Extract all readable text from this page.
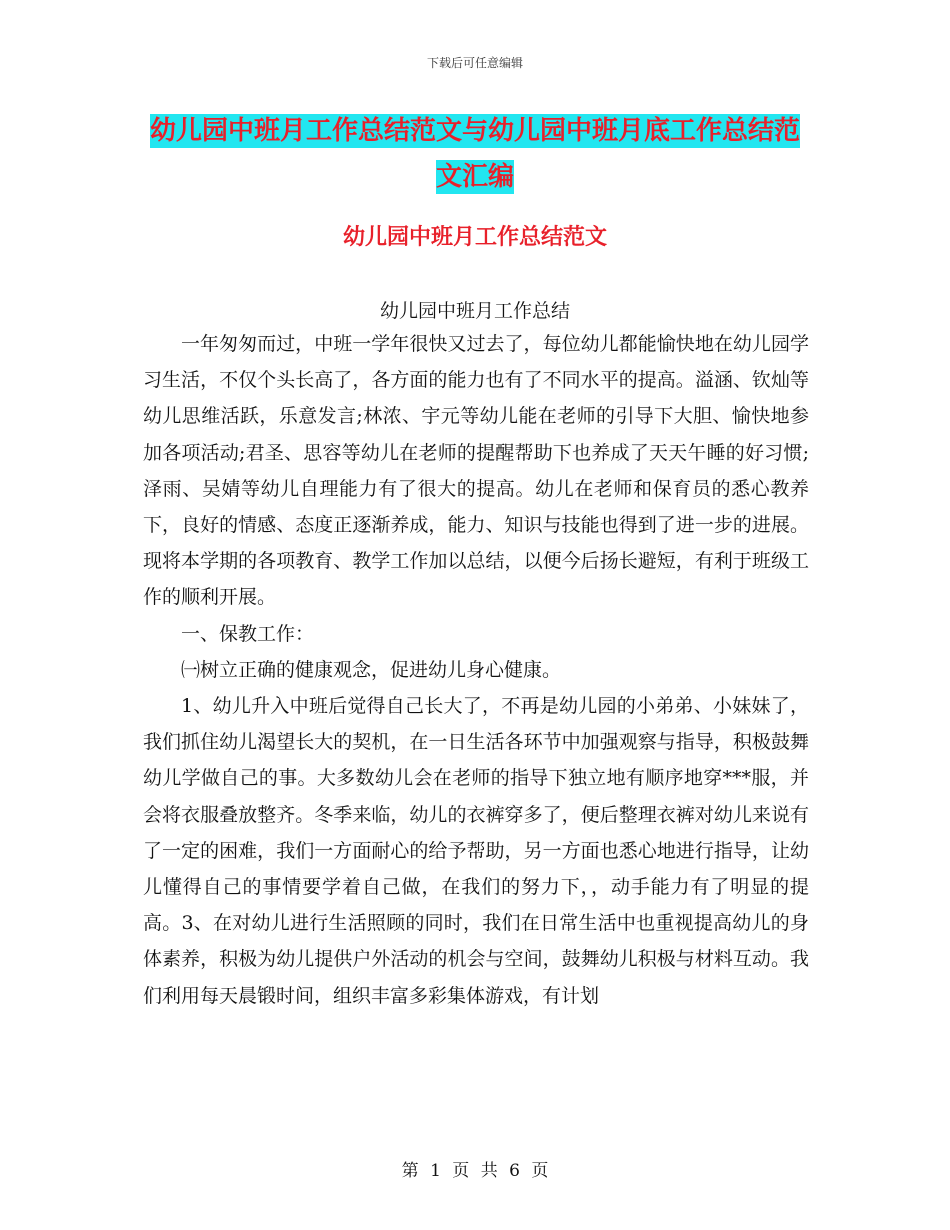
下载后可任意编辑
幼儿园中班月工作总结范文与幼儿园中班月底工作总结范文汇编
幼儿园中班月工作总结范文
幼儿园中班月工作总结

一年匆匆而过，中班一学年很快又过去了，每位幼儿都能愉快地在幼儿园学习生活，不仅个头长高了，各方面的能力也有了不同水平的提高。溢涵、钦灿等幼儿思维活跃，乐意发言;林浓、宇元等幼儿能在老师的引导下大胆、愉快地参加各项活动;君圣、思容等幼儿在老师的提醒帮助下也养成了天天午睡的好习惯;泽雨、吴婧等幼儿自理能力有了很大的提高。幼儿在老师和保育员的悉心教养下，良好的情感、态度正逐渐养成，能力、知识与技能也得到了进一步的进展。现将本学期的各项教育、教学工作加以总结，以便今后扬长避短，有利于班级工作的顺利开展。

一、保教工作：

㈠树立正确的健康观念，促进幼儿身心健康。

1、幼儿升入中班后觉得自己长大了，不再是幼儿园的小弟弟、小妹妹了，我们抓住幼儿渴望长大的契机，在一日生活各环节中加强观察与指导，积极鼓舞幼儿学做自己的事。大多数幼儿会在老师的指导下独立地有顺序地穿***服，并会将衣服叠放整齐。冬季来临，幼儿的衣裤穿多了，便后整理衣裤对幼儿来说有了一定的困难，我们一方面耐心的给予帮助，另一方面也悉心地进行指导，让幼儿懂得自己的事情要学着自己做，在我们的努力下，，动手能力有了明显的提高。3、在对幼儿进行生活照顾的同时，我们在日常生活中也重视提高幼儿的身体素养，积极为幼儿提供户外活动的机会与空间，鼓舞幼儿积极与材料互动。我们利用每天晨锻时间，组织丰富多彩集体游戏，有计划

第 1 页 共 6 页
